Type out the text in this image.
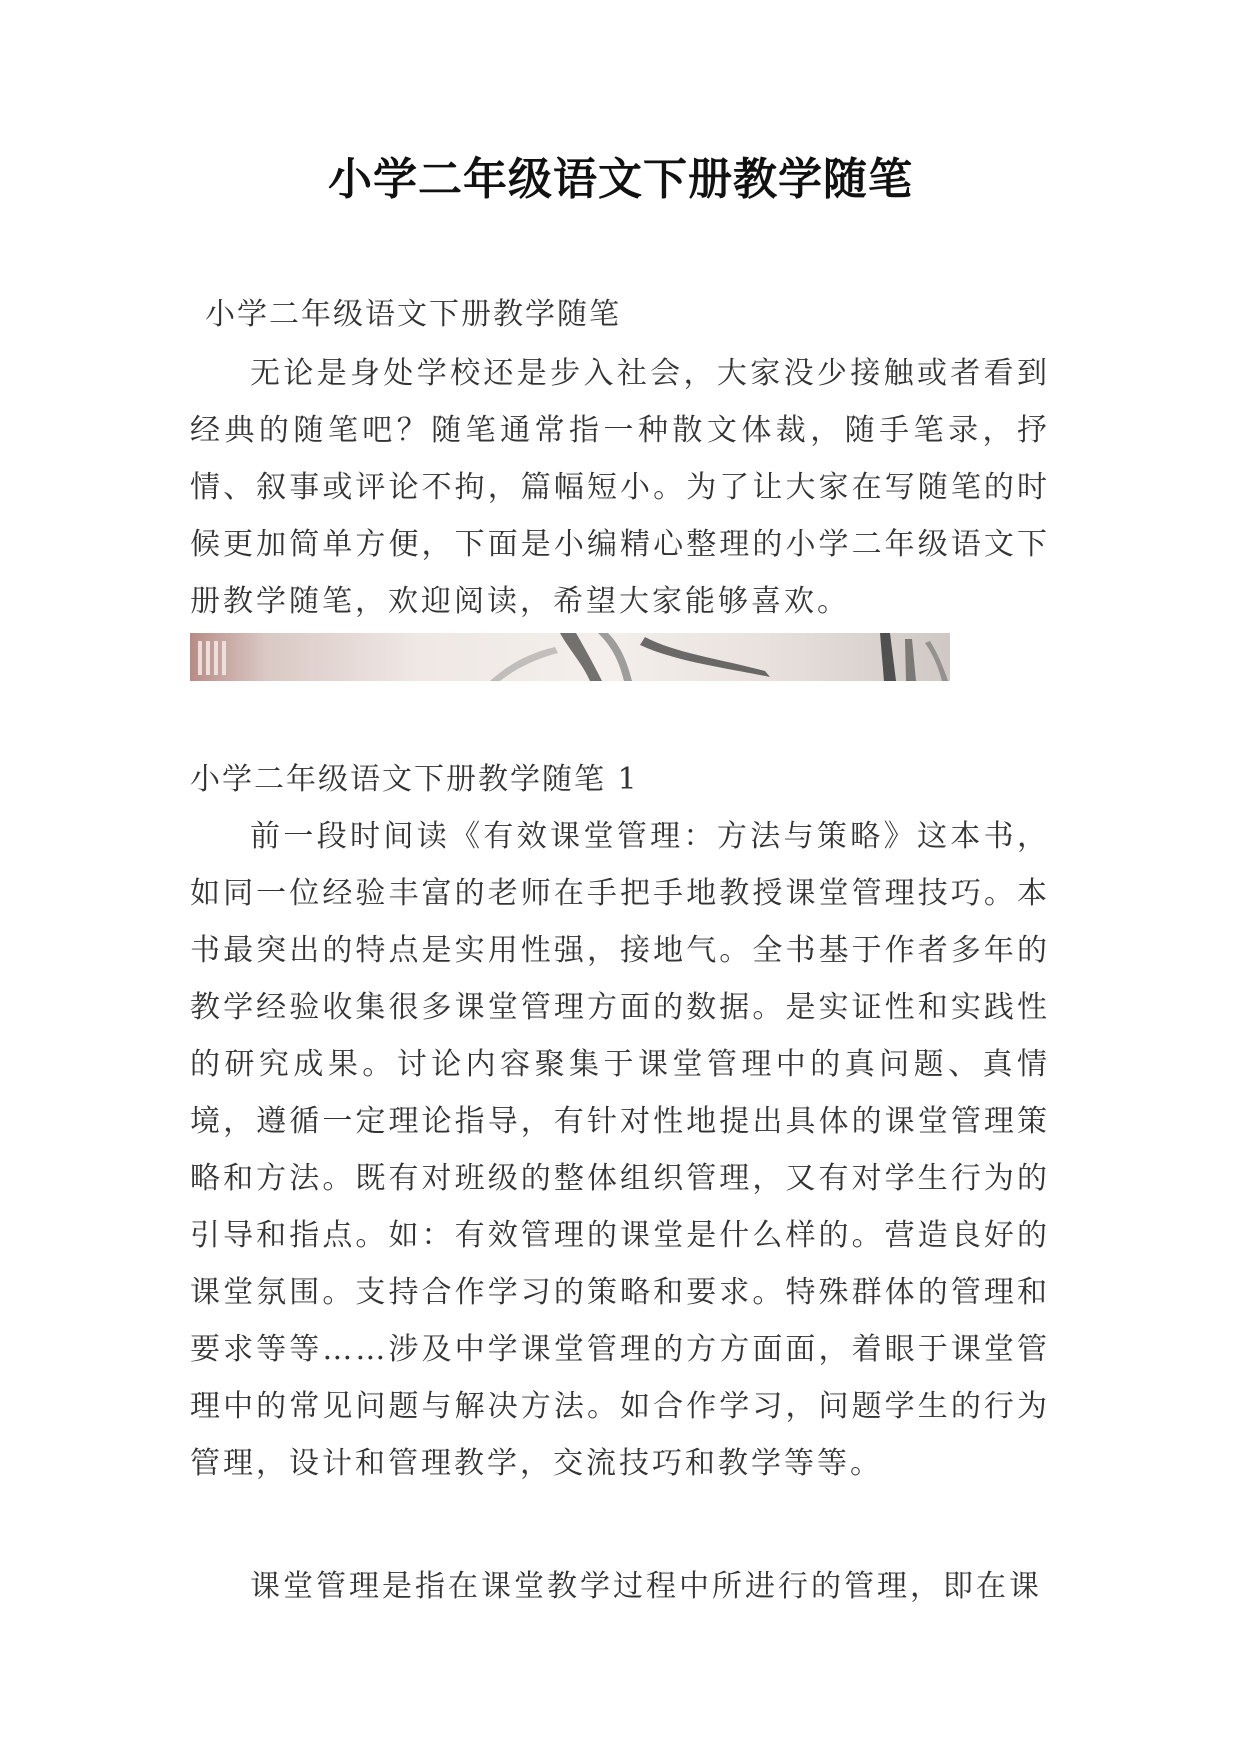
小学二年级语文下册教学随笔
小学二年级语文下册教学随笔

无论是身处学校还是步入社会，大家没少接触或者看到经典的随笔吧？随笔通常指一种散文体裁，随手笔录，抒情、叙事或评论不拘，篇幅短小。为了让大家在写随笔的时候更加简单方便，下面是小编精心整理的小学二年级语文下册教学随笔，欢迎阅读，希望大家能够喜欢。

小学二年级语文下册教学随笔 1

前一段时间读《有效课堂管理：方法与策略》这本书，如同一位经验丰富的老师在手把手地教授课堂管理技巧。本书最突出的特点是实用性强，接地气。全书基于作者多年的教学经验收集很多课堂管理方面的数据。是实证性和实践性的研究成果。讨论内容聚集于课堂管理中的真问题、真情境，遵循一定理论指导，有针对性地提出具体的课堂管理策略和方法。既有对班级的整体组织管理，又有对学生行为的引导和指点。如：有效管理的课堂是什么样的。营造良好的课堂氛围。支持合作学习的策略和要求。特殊群体的管理和要求等等……涉及中学课堂管理的方方面面，着眼于课堂管理中的常见问题与解决方法。如合作学习，问题学生的行为管理，设计和管理教学，交流技巧和教学等等。

课堂管理是指在课堂教学过程中所进行的管理，即在课
